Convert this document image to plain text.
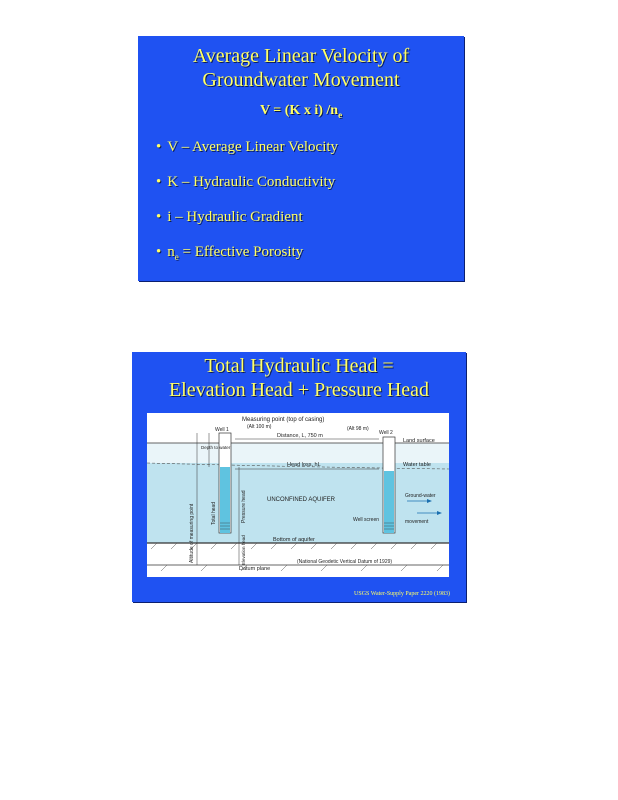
Average Linear Velocity of
Groundwater Movement
V = (K x i) $/n_e$
• V – Average Linear Velocity
• K – Hydraulic Conductivity
• i – Hydraulic Gradient
• $n_e$ = Effective Porosity
Total Hydraulic Head =
Elevation Head + Pressure Head
Measuring point (top of casing)
(Alt 100 m)	(Alt 98 m)
Well 1	Well 2
Distance, L, 750 m
Land surface
Depth to water
Head loss, hL	Water table
Ground-water
movement
UNCONFINED AQUIFER
Well screen
Bottom of aquifer
Datum plane
(National Geodetic Vertical Datum of 1929)
Pressure head
Total head
Altitude of measuring point	Elevation head
USGS Water-Supply Paper 2220 (1983)
